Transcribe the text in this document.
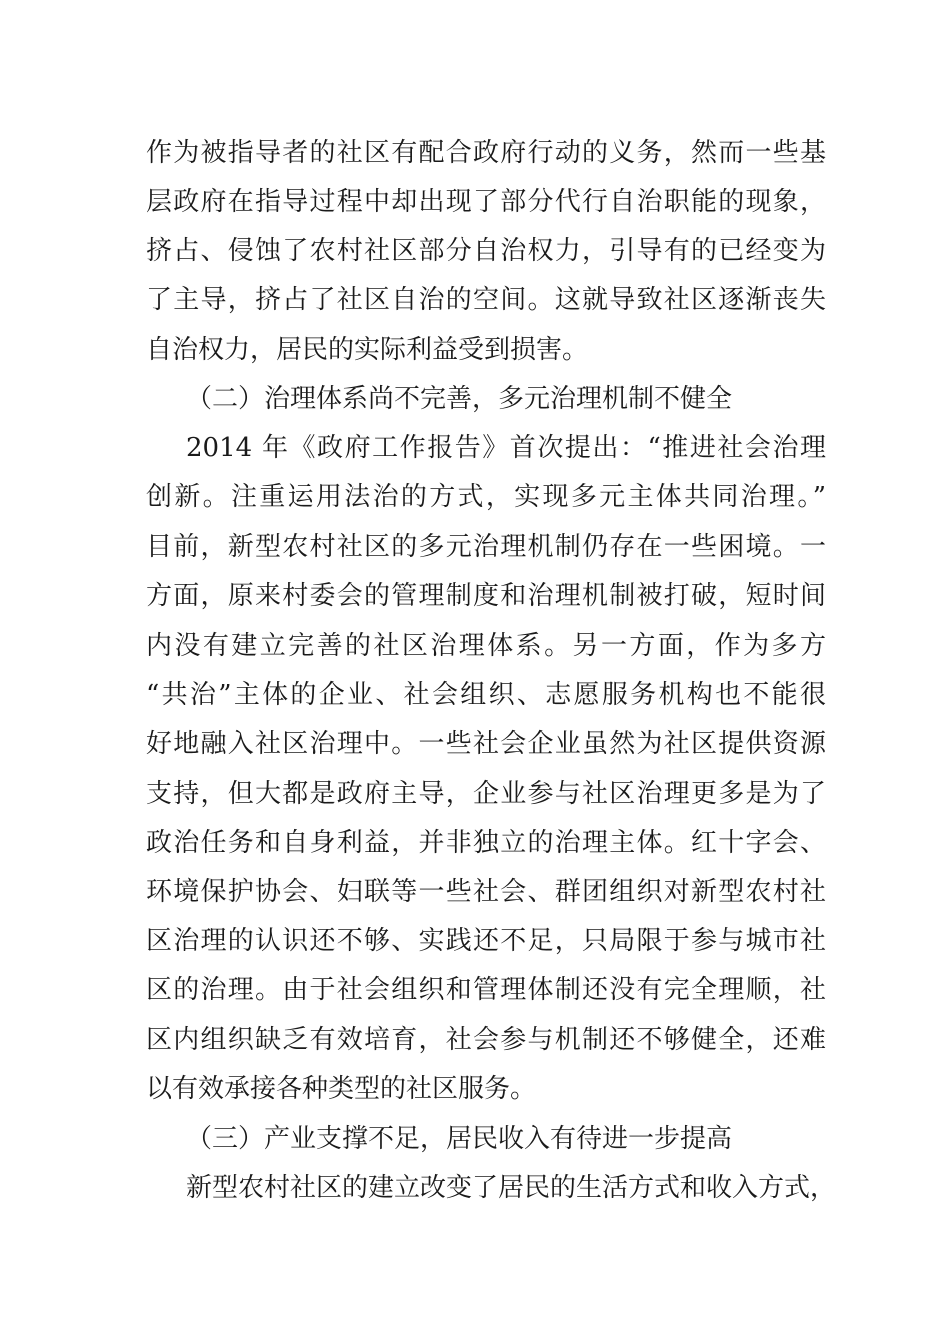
作为被指导者的社区有配合政府行动的义务，然而一些基
层政府在指导过程中却出现了部分代行自治职能的现象，
挤占、侵蚀了农村社区部分自治权力，引导有的已经变为
了主导，挤占了社区自治的空间。这就导致社区逐渐丧失
自治权力，居民的实际利益受到损害。
（二）治理体系尚不完善，多元治理机制不健全
2014 年《政府工作报告》首次提出：“推进社会治理
创新。注重运用法治的方式，实现多元主体共同治理。”
目前，新型农村社区的多元治理机制仍存在一些困境。一
方面，原来村委会的管理制度和治理机制被打破，短时间
内没有建立完善的社区治理体系。另一方面，作为多方
“共治”主体的企业、社会组织、志愿服务机构也不能很
好地融入社区治理中。一些社会企业虽然为社区提供资源
支持，但大都是政府主导，企业参与社区治理更多是为了
政治任务和自身利益，并非独立的治理主体。红十字会、
环境保护协会、妇联等一些社会、群团组织对新型农村社
区治理的认识还不够、实践还不足，只局限于参与城市社
区的治理。由于社会组织和管理体制还没有完全理顺，社
区内组织缺乏有效培育，社会参与机制还不够健全，还难
以有效承接各种类型的社区服务。
（三）产业支撑不足，居民收入有待进一步提高
新型农村社区的建立改变了居民的生活方式和收入方式，
